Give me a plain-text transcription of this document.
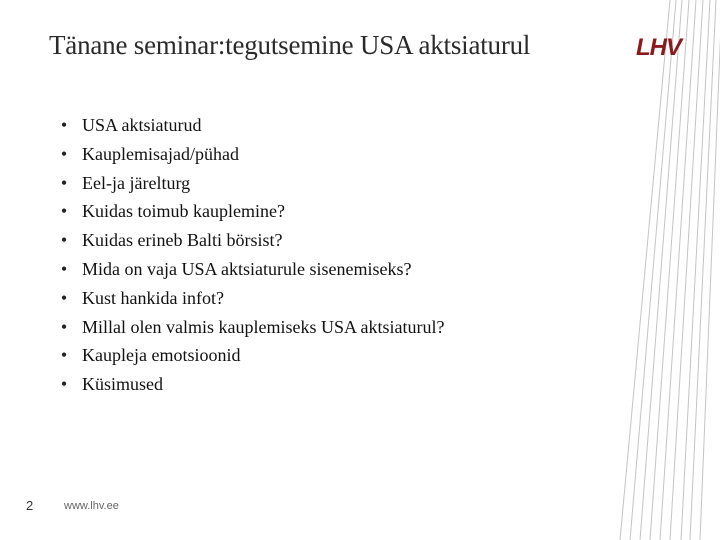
Tänane seminar:tegutsemine USA aktsiaturul	LHV
• USA aktsiaturud
• Kauplemisajad/pühad
• Eel-ja järelturg
• Kuidas toimub kauplemine?
• Kuidas erineb Balti börsist?
• Mida on vaja USA aktsiaturule sisenemiseks?
• Kust hankida infot?
• Millal olen valmis kauplemiseks USA aktsiaturul?
• Kaupleja emotsioonid
• Küsimused
2	www.lhv.ee
